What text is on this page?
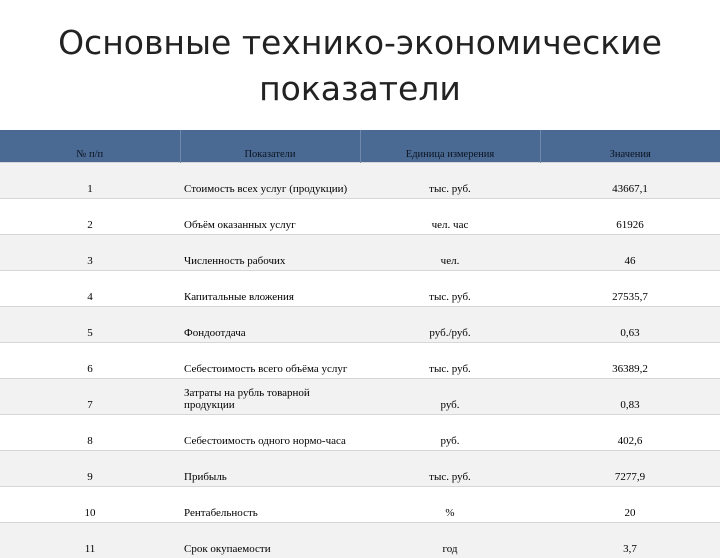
Основные технико-экономические
показатели
№ п/п	Показатели	Единица измерения	Значения
1	Стоимость всех услуг (продукции)	тыс. руб.	43667,1
2	Объём оказанных услуг	чел. час	61926
3	Численность рабочих	чел.	46
4	Капитальные вложения	тыс. руб.	27535,7
5	Фондоотдача	руб./руб.	0,63
6	Себестоимость всего объёма услуг	тыс. руб.	36389,2
7	Затраты на рубль товарной продукции	руб.	0,83
8	Себестоимость одного нормо-часа	руб.	402,6
9	Прибыль	тыс. руб.	7277,9
10	Рентабельность	%	20
11	Срок окупаемости	год	3,7
